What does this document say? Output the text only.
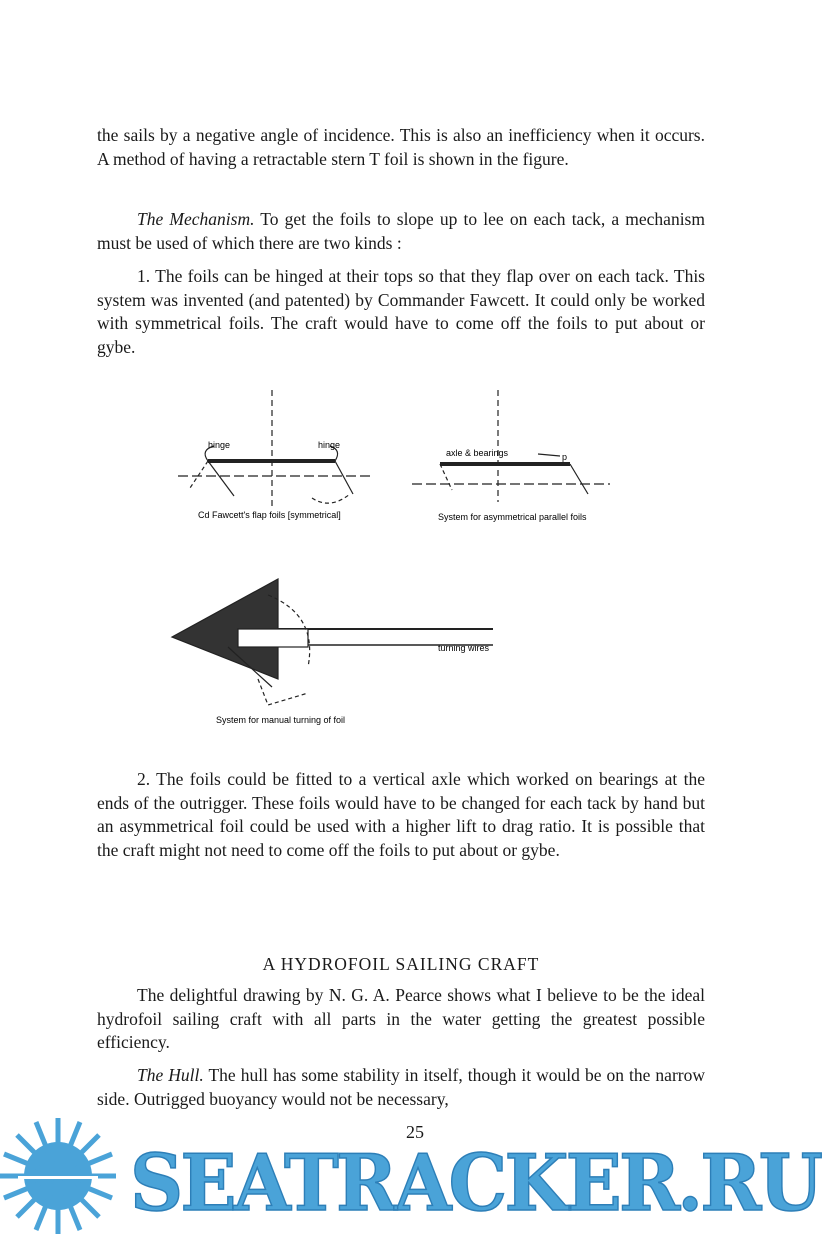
the sails by a negative angle of incidence. This is also an inefficiency when it occurs. A method of having a retractable stern T foil is shown in the figure.

The Mechanism. To get the foils to slope up to lee on each tack, a mechanism must be used of which there are two kinds :

1. The foils can be hinged at their tops so that they flap over on each tack. This system was invented (and patented) by Commander Fawcett. It could only be worked with symmetrical foils. The craft would have to come off the foils to put about or gybe.

hinge	hinge
Cd Fawcett's flap foils [symmetrical]
axle & bearings	p
System for asymmetrical parallel foils
turning wires
System for manual turning of foil

2. The foils could be fitted to a vertical axle which worked on bearings at the ends of the outrigger. These foils would have to be changed for each tack by hand but an asymmetrical foil could be used with a higher lift to drag ratio. It is possible that the craft might not need to come off the foils to put about or gybe.

A HYDROFOIL SAILING CRAFT

The delightful drawing by N. G. A. Pearce shows what I believe to be the ideal hydrofoil sailing craft with all parts in the water getting the greatest possible efficiency.

The Hull. The hull has some stability in itself, though it would be on the narrow side. Outrigged buoyancy would not be necessary,

25
SEATRACKER.RU
